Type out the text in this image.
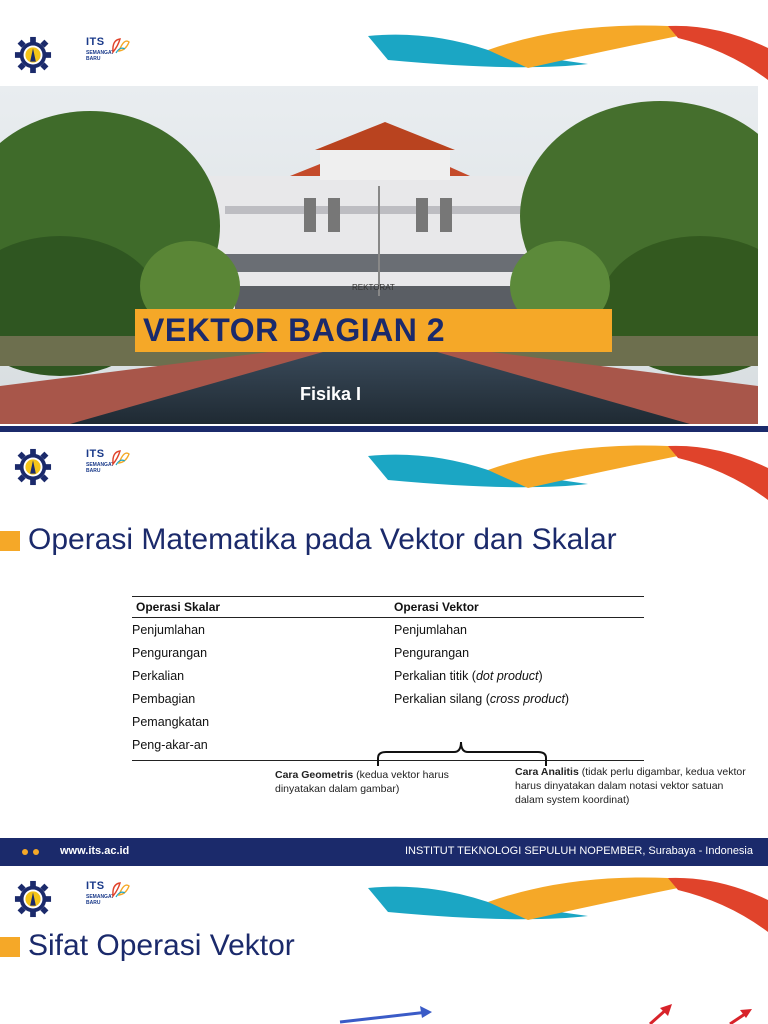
ITS
SEMANGAT BARU
REKTORAT
VEKTOR BAGIAN 2
Fisika I
ITS
SEMANGAT BARU
Operasi Matematika pada Vektor dan Skalar
Operasi Skalar	Operasi Vektor
Penjumlahan
Pengurangan
Perkalian
Pembagian
Pemangkatan
Peng-akar-an
Penjumlahan
Pengurangan
Perkalian titik (dot product)
Perkalian silang (cross product)
Cara Geometris (kedua vektor harus dinyatakan dalam gambar)
Cara Analitis (tidak perlu digambar, kedua vektor harus dinyatakan dalam notasi vektor satuan dalam system koordinat)
www.its.ac.id	INSTITUT TEKNOLOGI SEPULUH NOPEMBER, Surabaya - Indonesia
ITS
SEMANGAT BARU
Sifat Operasi Vektor
